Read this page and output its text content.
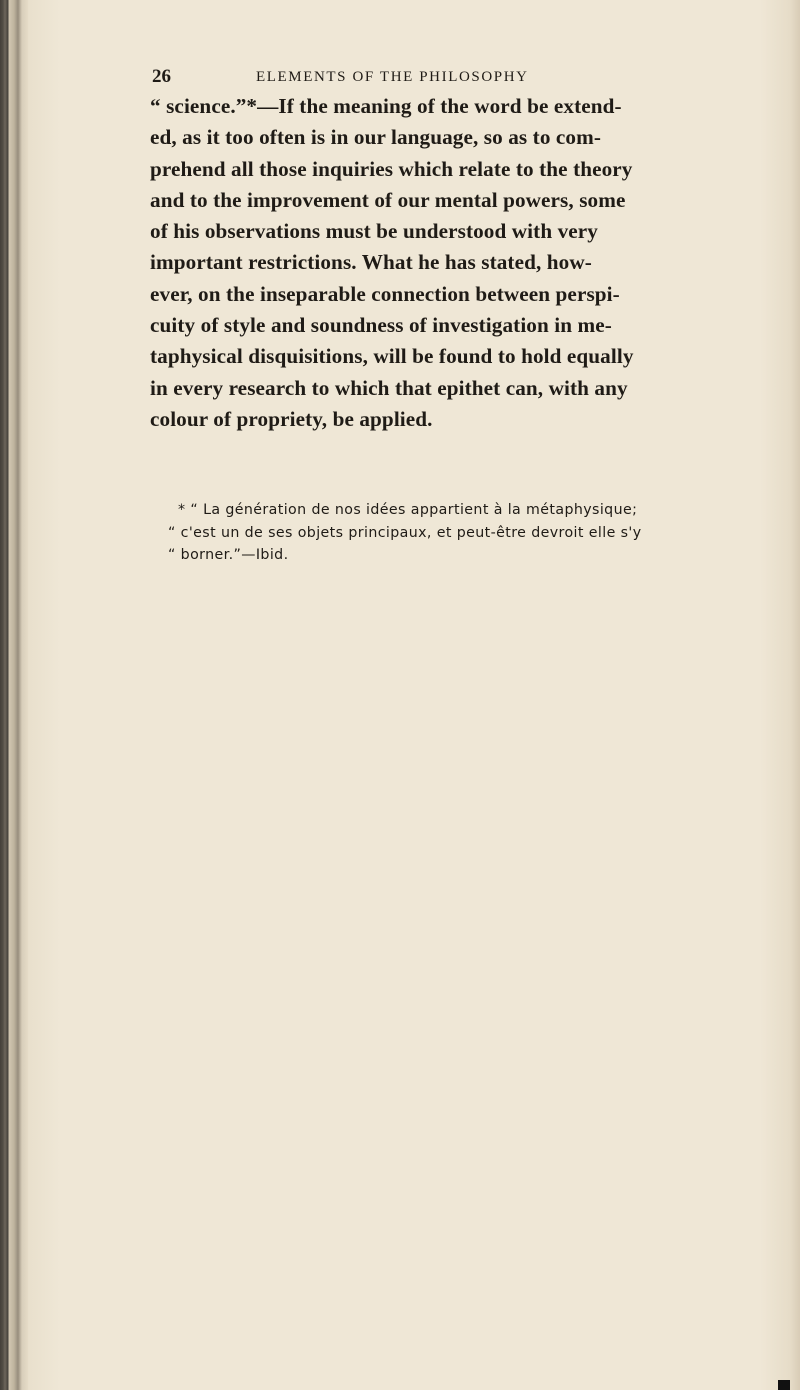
26	ELEMENTS OF THE PHILOSOPHY
“ science.”*—If the meaning of the word be extend-
ed, as it too often is in our language, so as to com-
prehend all those inquiries which relate to the theory
and to the improvement of our mental powers, some
of his observations must be understood with very
important restrictions. What he has stated, how-
ever, on the inseparable connection between perspi-
cuity of style and soundness of investigation in me-
taphysical disquisitions, will be found to hold equally
in every research to which that epithet can, with any
colour of propriety, be applied.
* “ La génération de nos idées appartient à la métaphysique;
“ c'est un de ses objets principaux, et peut-être devroit elle s'y
“ borner.”—Ibid.
